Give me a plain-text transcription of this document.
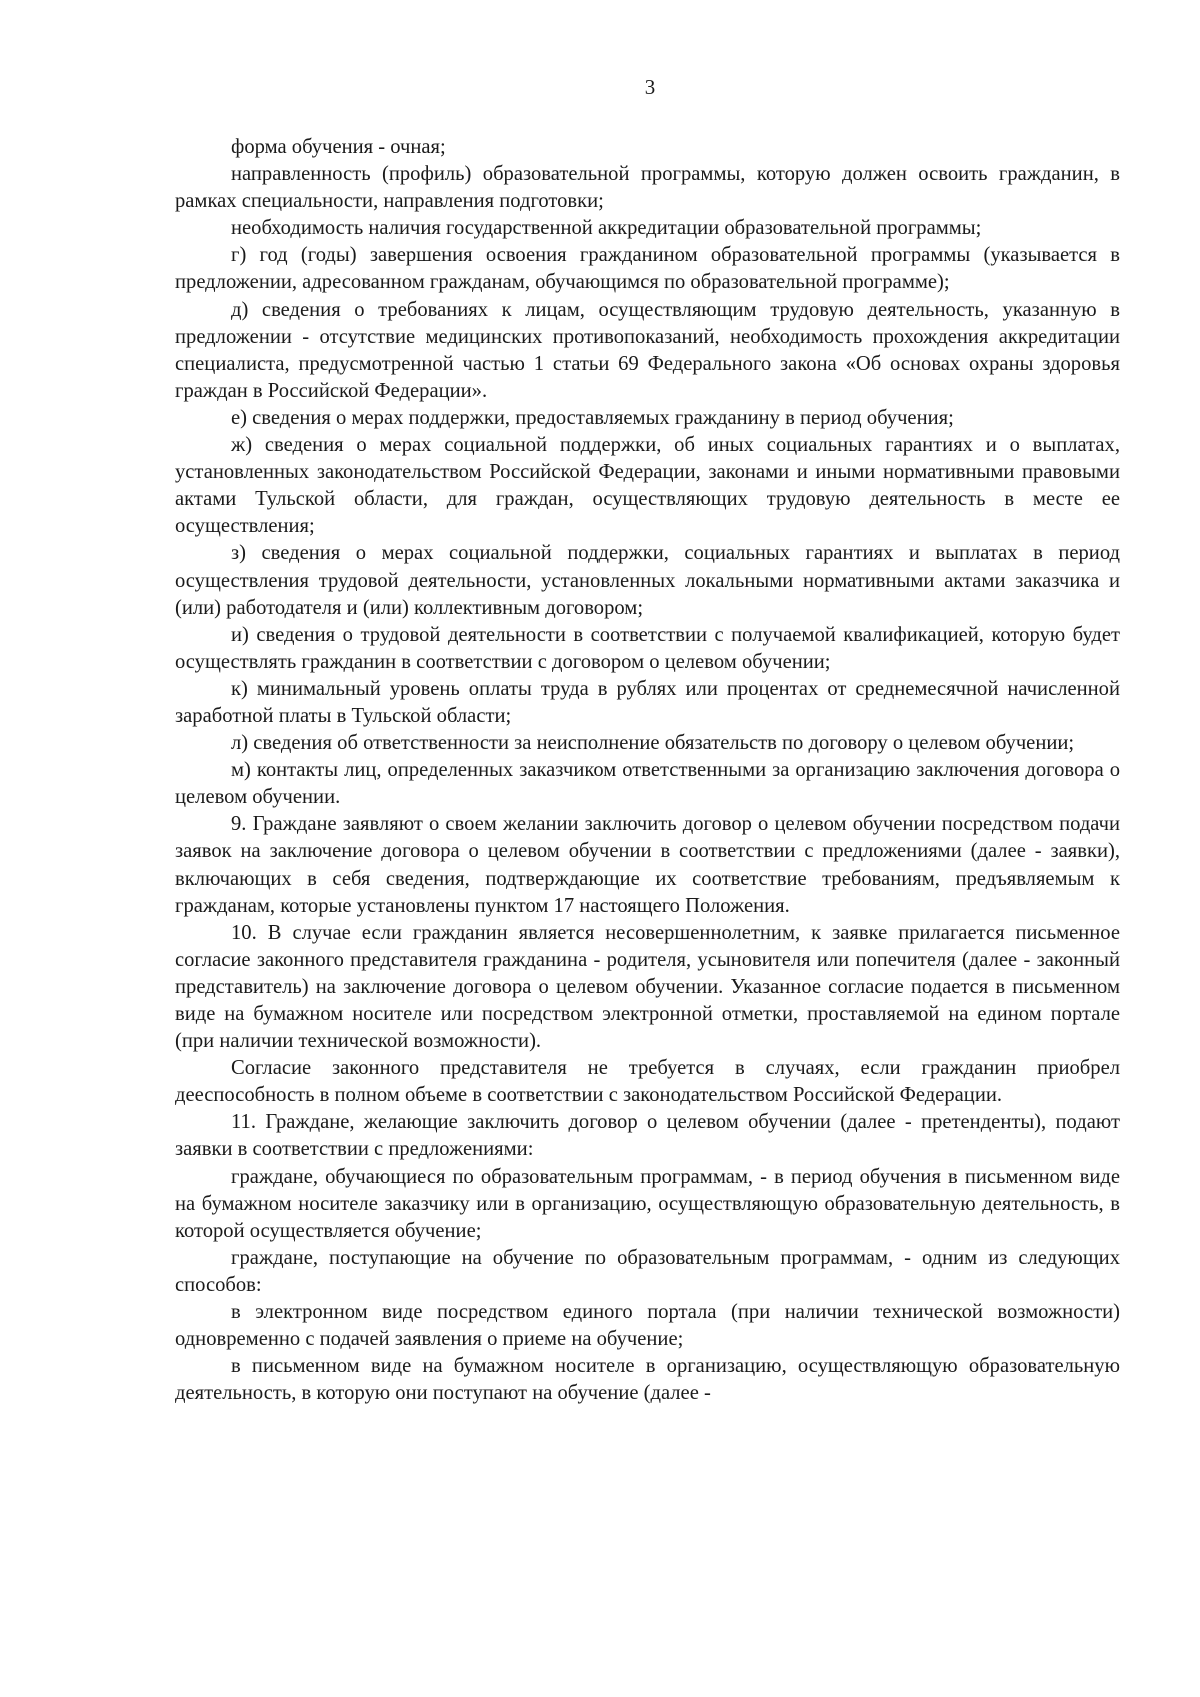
3

форма обучения - очная;

направленность (профиль) образовательной программы, которую должен освоить гражданин, в рамках специальности, направления подготовки;

необходимость наличия государственной аккредитации образовательной программы;

г) год (годы) завершения освоения гражданином образовательной программы (указывается в предложении, адресованном гражданам, обучающимся по образовательной программе);

д) сведения о требованиях к лицам, осуществляющим трудовую деятельность, указанную в предложении - отсутствие медицинских противопоказаний, необходимость прохождения аккредитации специалиста, предусмотренной частью 1 статьи 69 Федерального закона «Об основах охраны здоровья граждан в Российской Федерации».

е) сведения о мерах поддержки, предоставляемых гражданину в период обучения;

ж) сведения о мерах социальной поддержки, об иных социальных гарантиях и о выплатах, установленных законодательством Российской Федерации, законами и иными нормативными правовыми актами Тульской области, для граждан, осуществляющих трудовую деятельность в месте ее осуществления;

з) сведения о мерах социальной поддержки, социальных гарантиях и выплатах в период осуществления трудовой деятельности, установленных локальными нормативными актами заказчика и (или) работодателя и (или) коллективным договором;

и) сведения о трудовой деятельности в соответствии с получаемой квалификацией, которую будет осуществлять гражданин в соответствии с договором о целевом обучении;

к) минимальный уровень оплаты труда в рублях или процентах от среднемесячной начисленной заработной платы в Тульской области;

л) сведения об ответственности за неисполнение обязательств по договору о целевом обучении;

м) контакты лиц, определенных заказчиком ответственными за организацию заключения договора о целевом обучении.

9. Граждане заявляют о своем желании заключить договор о целевом обучении посредством подачи заявок на заключение договора о целевом обучении в соответствии с предложениями (далее - заявки), включающих в себя сведения, подтверждающие их соответствие требованиям, предъявляемым к гражданам, которые установлены пунктом 17 настоящего Положения.

10. В случае если гражданин является несовершеннолетним, к заявке прилагается письменное согласие законного представителя гражданина - родителя, усыновителя или попечителя (далее - законный представитель) на заключение договора о целевом обучении. Указанное согласие подается в письменном виде на бумажном носителе или посредством электронной отметки, проставляемой на едином портале (при наличии технической возможности).

Согласие законного представителя не требуется в случаях, если гражданин приобрел дееспособность в полном объеме в соответствии с законодательством Российской Федерации.

11. Граждане, желающие заключить договор о целевом обучении (далее - претенденты), подают заявки в соответствии с предложениями:

граждане, обучающиеся по образовательным программам, - в период обучения в письменном виде на бумажном носителе заказчику или в организацию, осуществляющую образовательную деятельность, в которой осуществляется обучение;

граждане, поступающие на обучение по образовательным программам, - одним из следующих способов:

в электронном виде посредством единого портала (при наличии технической возможности) одновременно с подачей заявления о приеме на обучение;

в письменном виде на бумажном носителе в организацию, осуществляющую образовательную деятельность, в которую они поступают на обучение (далее -
